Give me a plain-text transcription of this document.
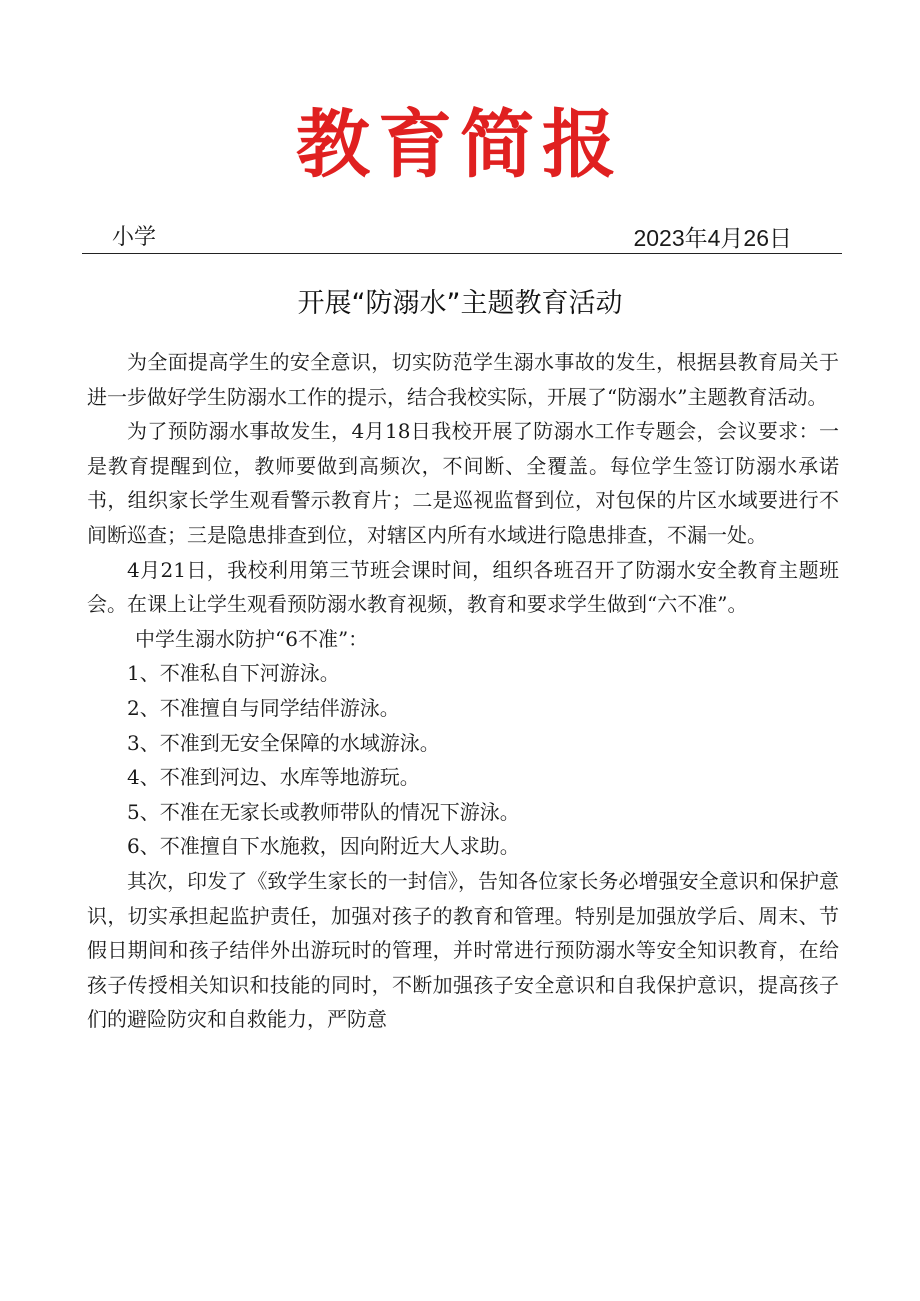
教育简报
小学	2023年4月26日
开展“防溺水”主题教育活动

为全面提高学生的安全意识，切实防范学生溺水事故的发生，根据县教育局关于进一步做好学生防溺水工作的提示，结合我校实际，开展了“防溺水”主题教育活动。

为了预防溺水事故发生，4月18日我校开展了防溺水工作专题会，会议要求：一是教育提醒到位，教师要做到高频次，不间断、全覆盖。每位学生签订防溺水承诺书，组织家长学生观看警示教育片；二是巡视监督到位，对包保的片区水域要进行不间断巡查；三是隐患排查到位，对辖区内所有水域进行隐患排查，不漏一处。

4月21日，我校利用第三节班会课时间，组织各班召开了防溺水安全教育主题班会。在课上让学生观看预防溺水教育视频，教育和要求学生做到“六不准”。

中学生溺水防护“6不准”：

1、不准私自下河游泳。

2、不准擅自与同学结伴游泳。

3、不准到无安全保障的水域游泳。

4、不准到河边、水库等地游玩。

5、不准在无家长或教师带队的情况下游泳。

6、不准擅自下水施救，因向附近大人求助。

其次，印发了《致学生家长的一封信》，告知各位家长务必增强安全意识和保护意识，切实承担起监护责任，加强对孩子的教育和管理。特别是加强放学后、周末、节假日期间和孩子结伴外出游玩时的管理，并时常进行预防溺水等安全知识教育，在给孩子传授相关知识和技能的同时，不断加强孩子安全意识和自我保护意识，提高孩子们的避险防灾和自救能力，严防意
